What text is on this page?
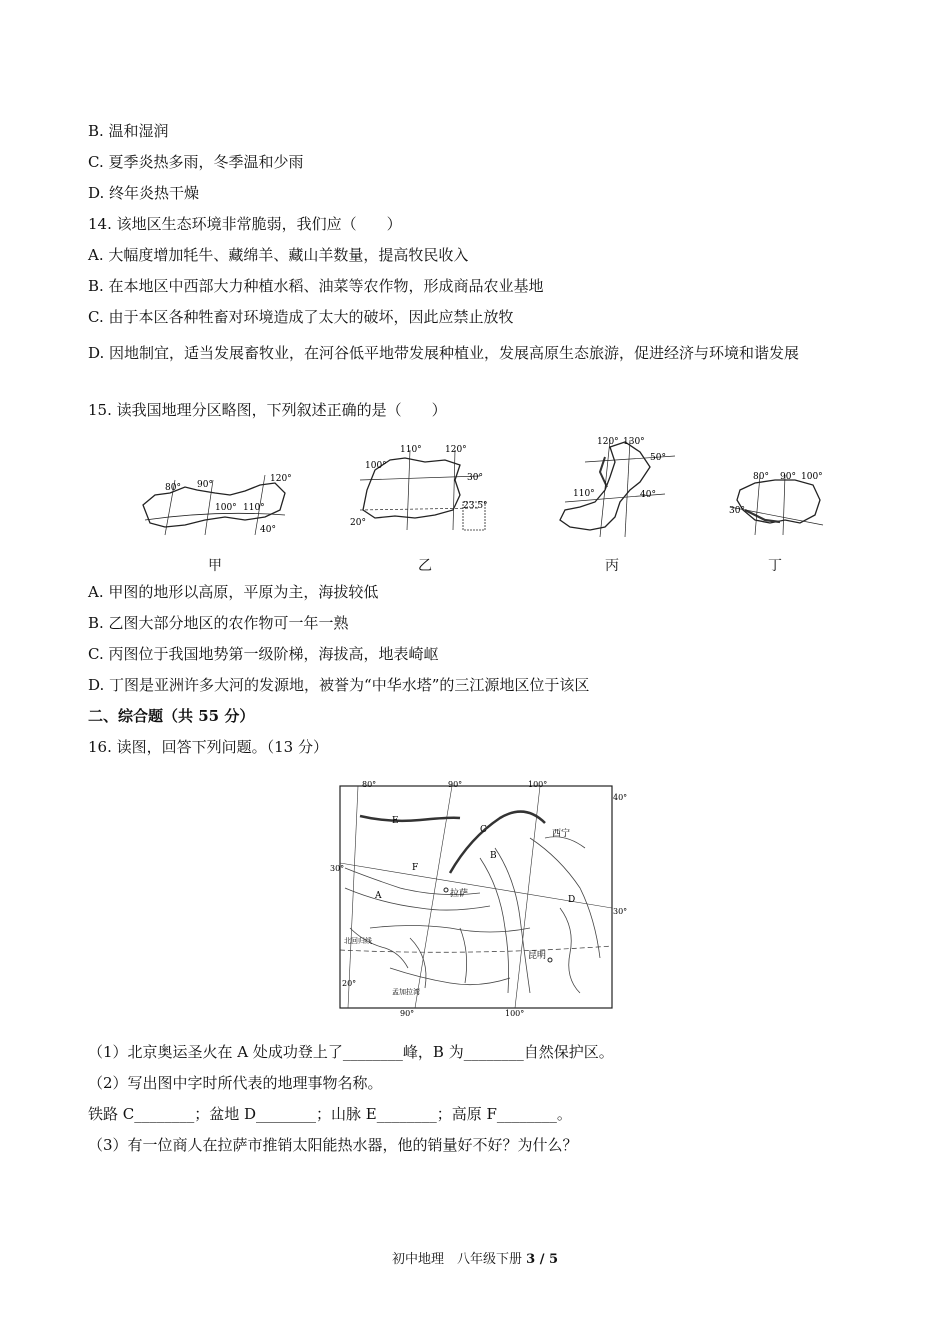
B. 温和湿润
C. 夏季炎热多雨，冬季温和少雨
D. 终年炎热干燥
14. 该地区生态环境非常脆弱，我们应（　　）
A. 大幅度增加牦牛、藏绵羊、藏山羊数量，提高牧民收入
B. 在本地区中西部大力种植水稻、油菜等农作物，形成商品农业基地
C. 由于本区各种牲畜对环境造成了太大的破坏，因此应禁止放牧
D. 因地制宜，适当发展畜牧业，在河谷低平地带发展种植业，发展高原生态旅游，促进经济与环境和谐发展
15. 读我国地理分区略图，下列叙述正确的是（　　）
80° 90°
100° 110°
120°
40°
甲
110°	120°
100°
30°
23.5°
20°
乙
120° 130°
50°
40°
110°
丙
80° 90° 100°
30°
丁
A. 甲图的地形以高原，平原为主，海拔较低
B. 乙图大部分地区的农作物可一年一熟
C. 丙图位于我国地势第一级阶梯，海拔高，地表崎岖
D. 丁图是亚洲许多大河的发源地，被誉为“中华水塔”的三江源地区位于该区
二、综合题（共 55 分）
16. 读图，回答下列问题。（13 分）
80°	90°	100°
90°	100°
40°
30°
30°
20°
E
C	西宁
F
B
拉萨
A	D
昆明
北回归线
孟加拉湾
（1）北京奥运圣火在 A 处成功登上了________峰，B 为________自然保护区。
（2）写出图中字时所代表的地理事物名称。
铁路 C________；盆地 D________；山脉 E________；高原 F________。
（3）有一位商人在拉萨市推销太阳能热水器，他的销量好不好？为什么？
初中地理　八年级下册 3 / 5
